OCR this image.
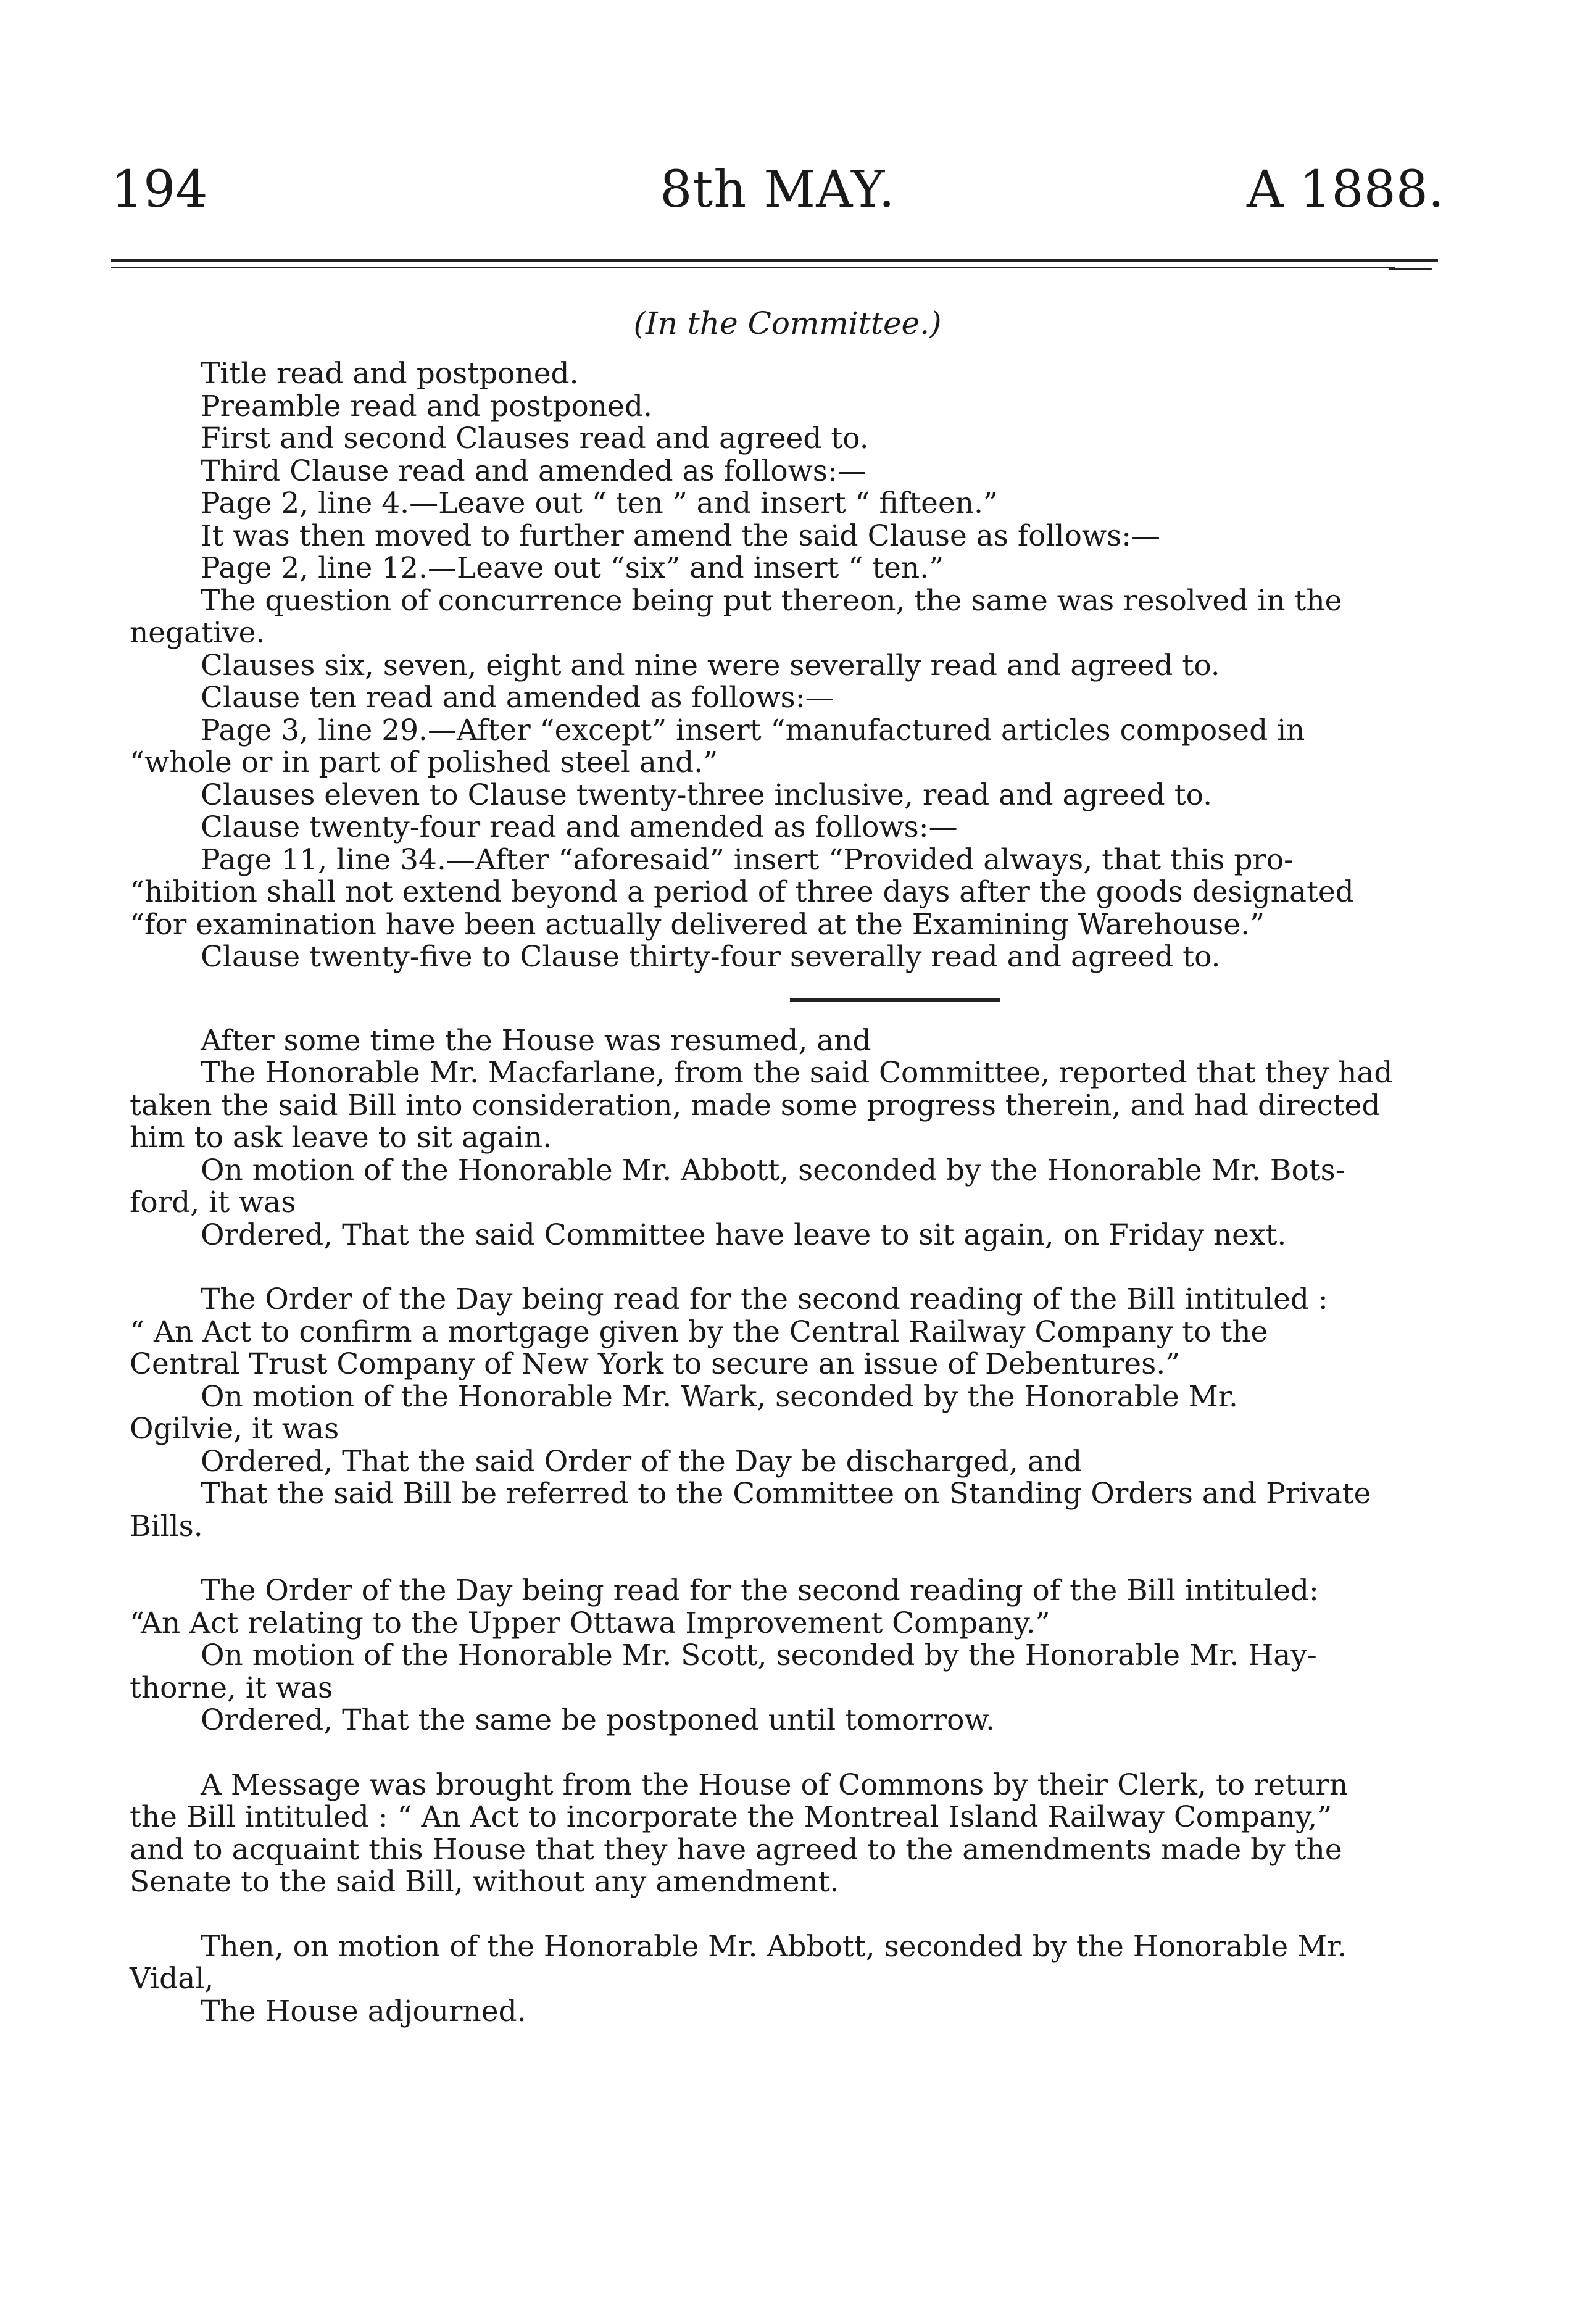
194	8th MAY.	A 1888.
(In the Committee.)
Title read and postponed.
Preamble read and postponed.
First and second Clauses read and agreed to.
Third Clause read and amended as follows:—
Page 2, line 4.—Leave out “ ten ” and insert “ fifteen.”
It was then moved to further amend the said Clause as follows:—
Page 2, line 12.—Leave out “six” and insert “ ten.”
The question of concurrence being put thereon, the same was resolved in the
negative.
Clauses six, seven, eight and nine were severally read and agreed to.
Clause ten read and amended as follows:—
Page 3, line 29.—After “except” insert “manufactured articles composed in
“whole or in part of polished steel and.”
Clauses eleven to Clause twenty-three inclusive, read and agreed to.
Clause twenty-four read and amended as follows:—
Page 11, line 34.—After “aforesaid” insert “Provided always, that this pro-
“hibition shall not extend beyond a period of three days after the goods designated
“for examination have been actually delivered at the Examining Warehouse.”
Clause twenty-five to Clause thirty-four severally read and agreed to.
After some time the House was resumed, and
The Honorable Mr. Macfarlane, from the said Committee, reported that they had
taken the said Bill into consideration, made some progress therein, and had directed
him to ask leave to sit again.
On motion of the Honorable Mr. Abbott, seconded by the Honorable Mr. Bots-
ford, it was
Ordered, That the said Committee have leave to sit again, on Friday next.
The Order of the Day being read for the second reading of the Bill intituled :
“ An Act to confirm a mortgage given by the Central Railway Company to the
Central Trust Company of New York to secure an issue of Debentures.”
On motion of the Honorable Mr. Wark, seconded by the Honorable Mr.
Ogilvie, it was
Ordered, That the said Order of the Day be discharged, and
That the said Bill be referred to the Committee on Standing Orders and Private
Bills.
The Order of the Day being read for the second reading of the Bill intituled:
“An Act relating to the Upper Ottawa Improvement Company.”
On motion of the Honorable Mr. Scott, seconded by the Honorable Mr. Hay-
thorne, it was
Ordered, That the same be postponed until tomorrow.
A Message was brought from the House of Commons by their Clerk, to return
the Bill intituled : “ An Act to incorporate the Montreal Island Railway Company,”
and to acquaint this House that they have agreed to the amendments made by the
Senate to the said Bill, without any amendment.
Then, on motion of the Honorable Mr. Abbott, seconded by the Honorable Mr.
Vidal,
The House adjourned.
